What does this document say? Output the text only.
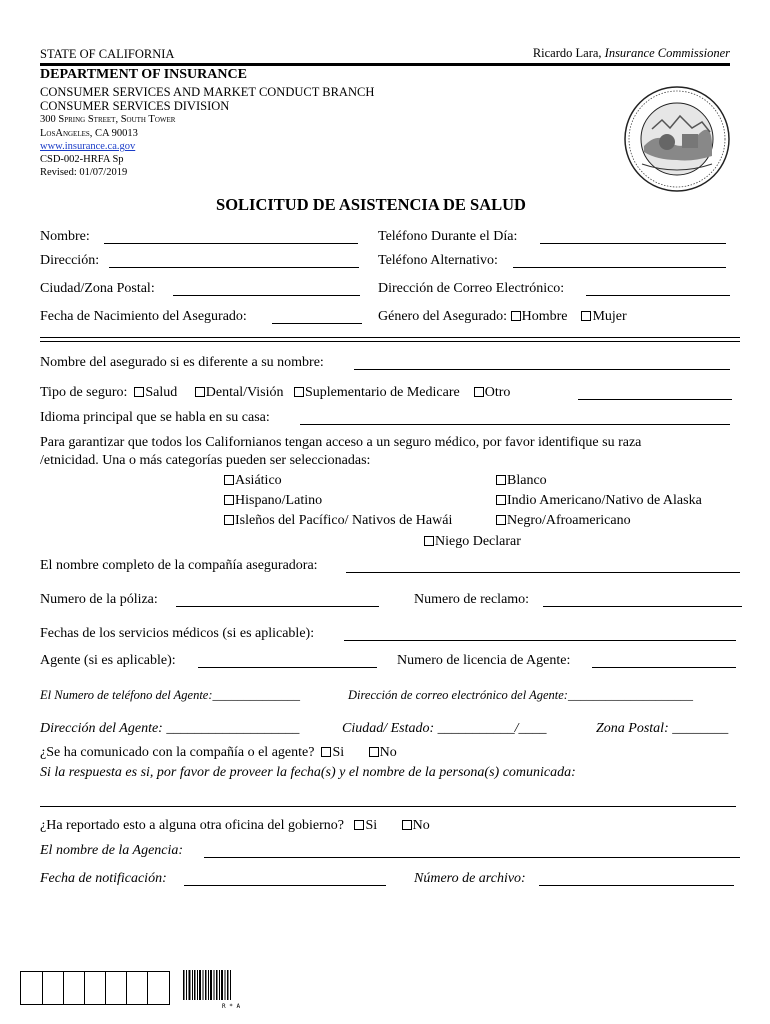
STATE OF CALIFORNIA	Ricardo Lara, Insurance Commissioner
DEPARTMENT OF INSURANCE
CONSUMER SERVICES AND MARKET CONDUCT BRANCH
CONSUMER SERVICES DIVISION
300 Spring Street, South Tower
LosAngeles, CA 90013
www.insurance.ca.gov
CSD-002-HRFA Sp
Revised: 01/07/2019
SOLICITUD DE ASISTENCIA DE SALUD
Nombre:	Teléfono Durante el Día:
Dirección:	Teléfono Alternativo:
Ciudad/Zona Postal:	Dirección de Correo Electrónico:
Fecha de Nacimiento del Asegurado:	Género del Asegurado: Hombre Mujer
Nombre del asegurado si es diferente a su nombre:
Tipo de seguro: Salud Dental/Visión Suplementario de Medicare Otro
Idioma principal que se habla en su casa:
Para garantizar que todos los Californianos tengan acceso a un seguro médico, por favor identifique su raza
/etnicidad. Una o más categorías pueden ser seleccionadas:
Asiático	Blanco
Hispano/Latino	Indio Americano/Nativo de Alaska
Isleños del Pacífico/ Nativos de Hawái	Negro/Afroamericano
Niego Declarar
El nombre completo de la compañía aseguradora:
Numero de la póliza:	Numero de reclamo:
Fechas de los servicios médicos (si es aplicable):
Agente (si es aplicable):	Numero de licencia de Agente:
El Numero de teléfono del Agente:______________	Dirección de correo electrónico del Agente:____________________
Dirección del Agente: ___________________	Ciudad/ Estado: ___________/____	Zona Postal: ________
¿Se ha comunicado con la compañía o el agente? Si	No
Si la respuesta es si, por favor de proveer la fecha(s) y el nombre de la persona(s) comunicada:
¿Ha reportado esto a alguna otra oficina del gobierno? Si	No
El nombre de la Agencia:
Fecha de notificación:	Número de archivo:
R * A
